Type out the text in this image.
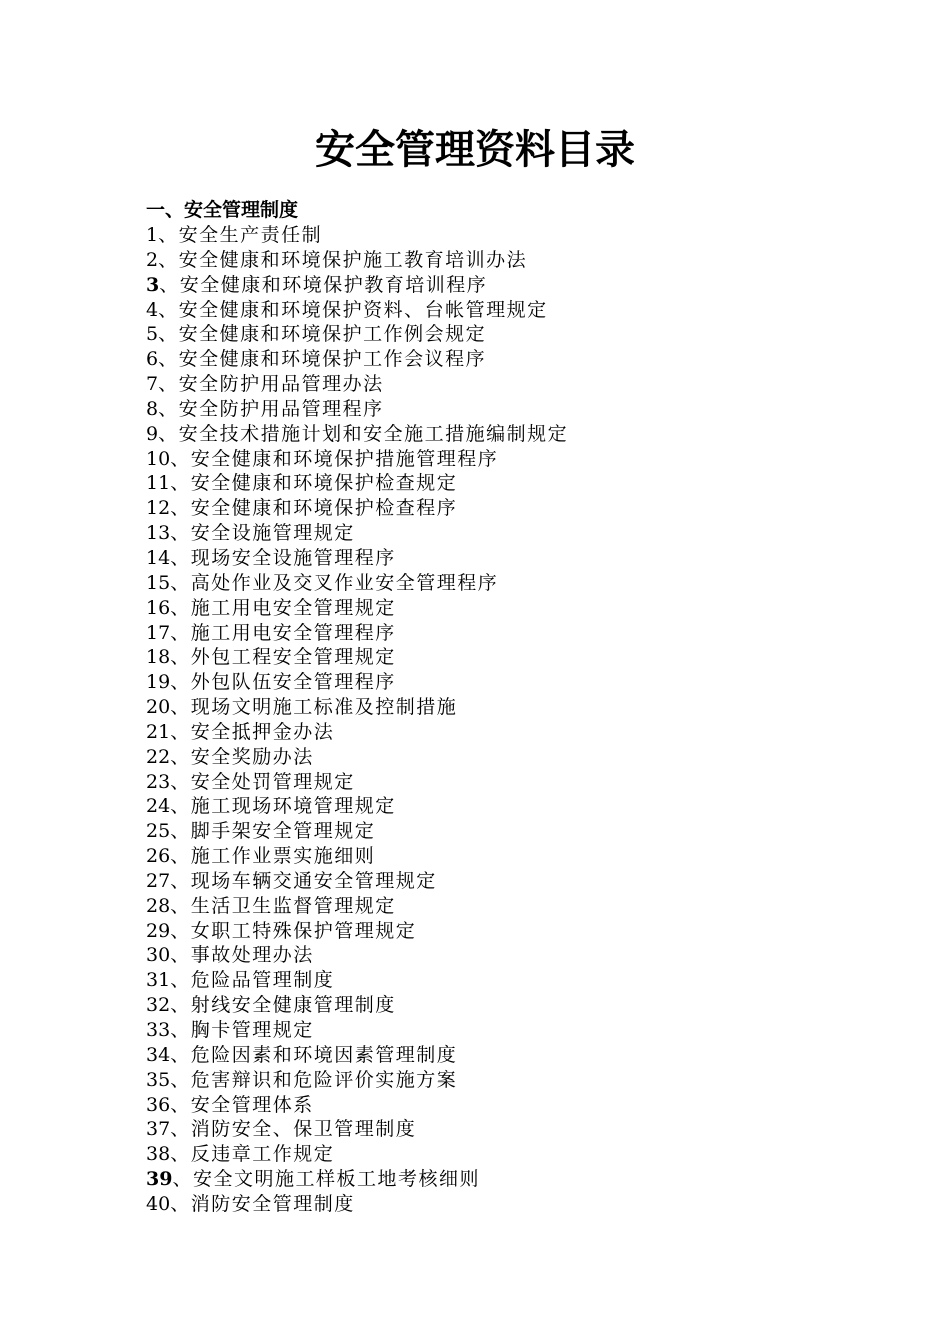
安全管理资料目录
一、安全管理制度
1、安全生产责任制
2、安全健康和环境保护施工教育培训办法
3、安全健康和环境保护教育培训程序
4、安全健康和环境保护资料、台帐管理规定
5、安全健康和环境保护工作例会规定
6、安全健康和环境保护工作会议程序
7、安全防护用品管理办法
8、安全防护用品管理程序
9、安全技术措施计划和安全施工措施编制规定
10、安全健康和环境保护措施管理程序
11、安全健康和环境保护检查规定
12、安全健康和环境保护检查程序
13、安全设施管理规定
14、现场安全设施管理程序
15、高处作业及交叉作业安全管理程序
16、施工用电安全管理规定
17、施工用电安全管理程序
18、外包工程安全管理规定
19、外包队伍安全管理程序
20、现场文明施工标准及控制措施
21、安全抵押金办法
22、安全奖励办法
23、安全处罚管理规定
24、施工现场环境管理规定
25、脚手架安全管理规定
26、施工作业票实施细则
27、现场车辆交通安全管理规定
28、生活卫生监督管理规定
29、女职工特殊保护管理规定
30、事故处理办法
31、危险品管理制度
32、射线安全健康管理制度
33、胸卡管理规定
34、危险因素和环境因素管理制度
35、危害辩识和危险评价实施方案
36、安全管理体系
37、消防安全、保卫管理制度
38、反违章工作规定
39、安全文明施工样板工地考核细则
40、消防安全管理制度
